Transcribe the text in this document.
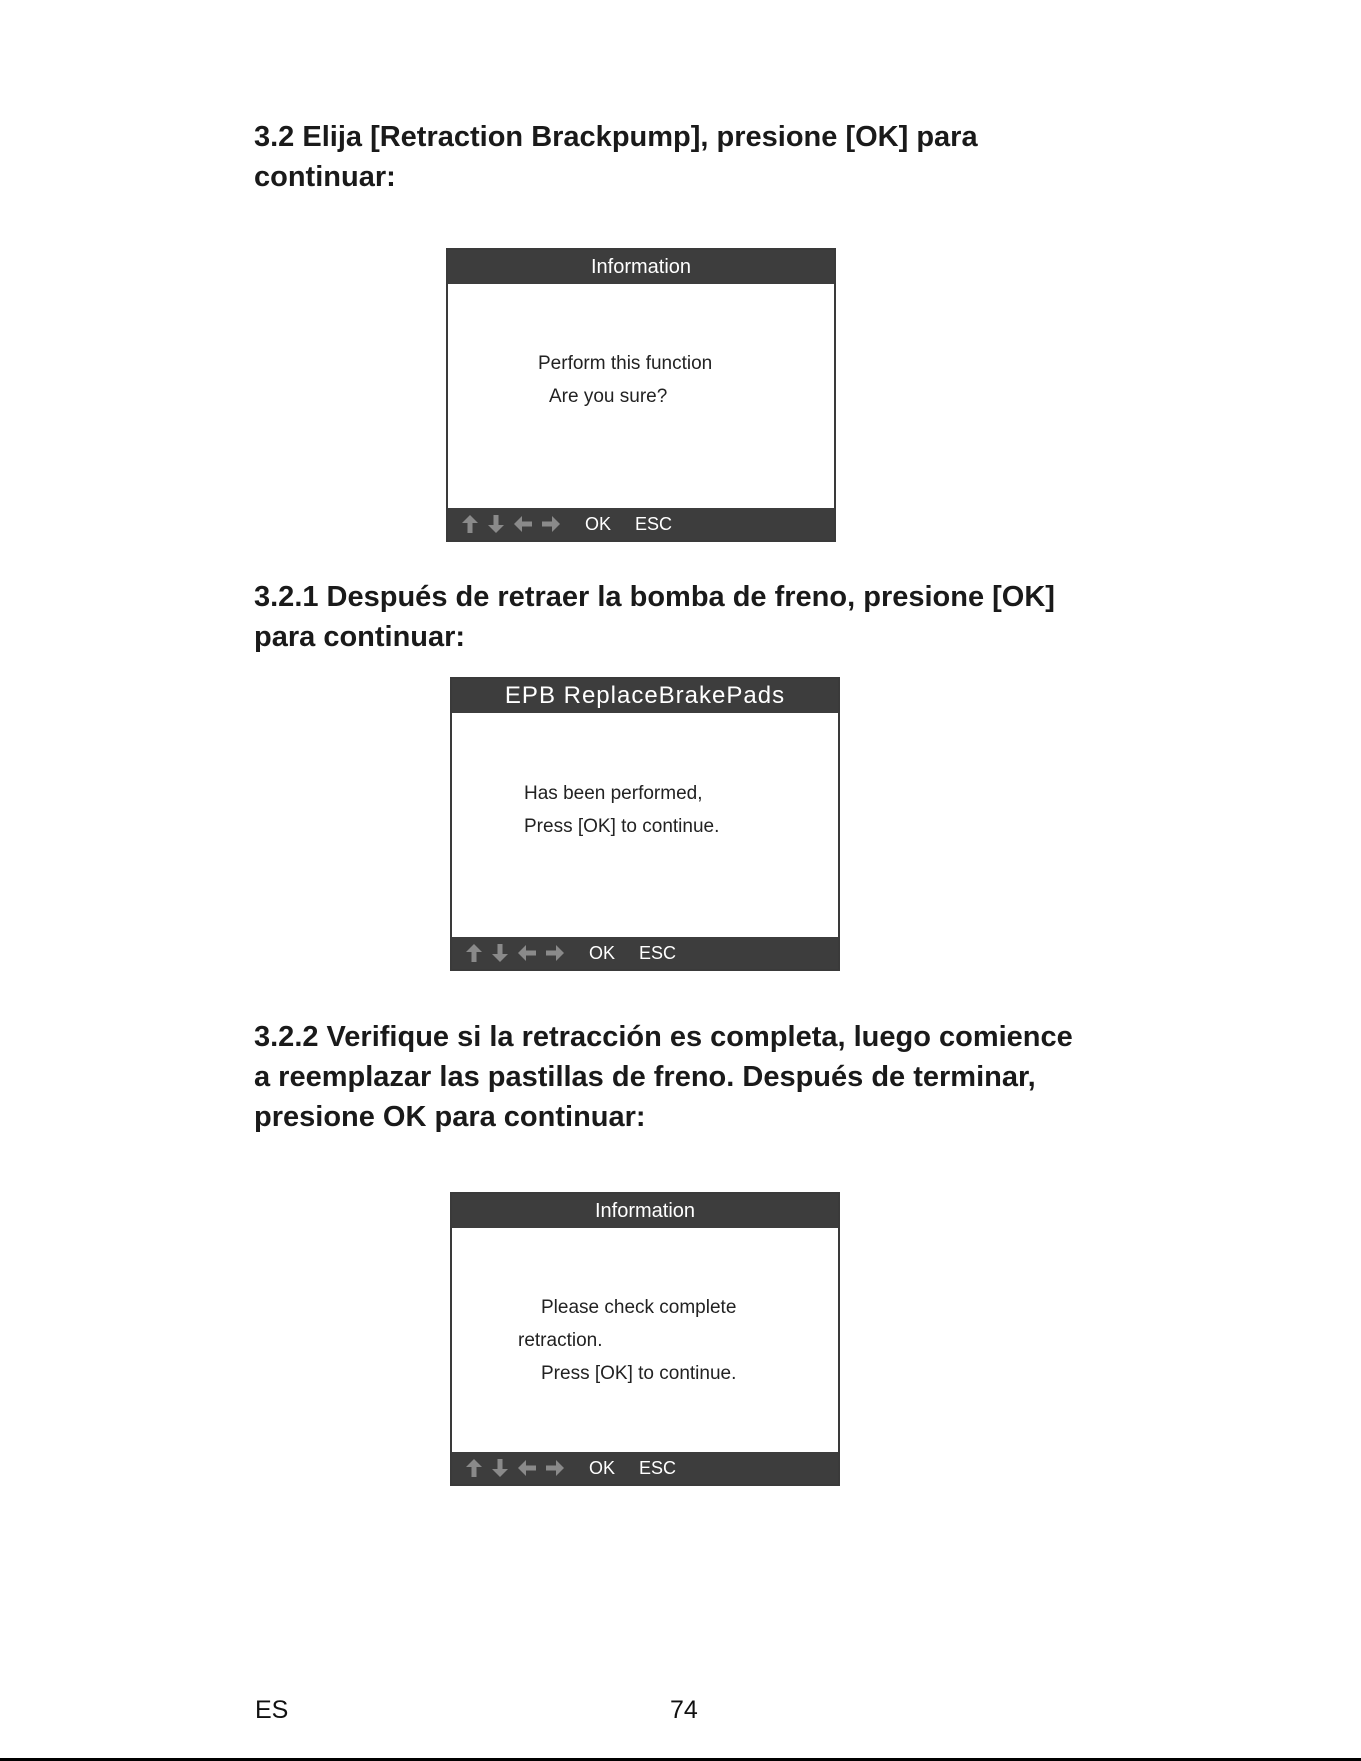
3.2 Elija [Retraction Brackpump], presione [OK] para
continuar:
Information
Perform this function
Are you sure?
OK ESC
3.2.1 Después de retraer la bomba de freno, presione [OK]
para continuar:
EPB ReplaceBrakePads
Has been performed,
Press [OK] to continue.
OK ESC
3.2.2 Verifique si la retracción es completa, luego comience
a reemplazar las pastillas de freno. Después de terminar,
presione OK para continuar:
Information
Please check complete
retraction.
Press [OK] to continue.
OK ESC
ES	74
